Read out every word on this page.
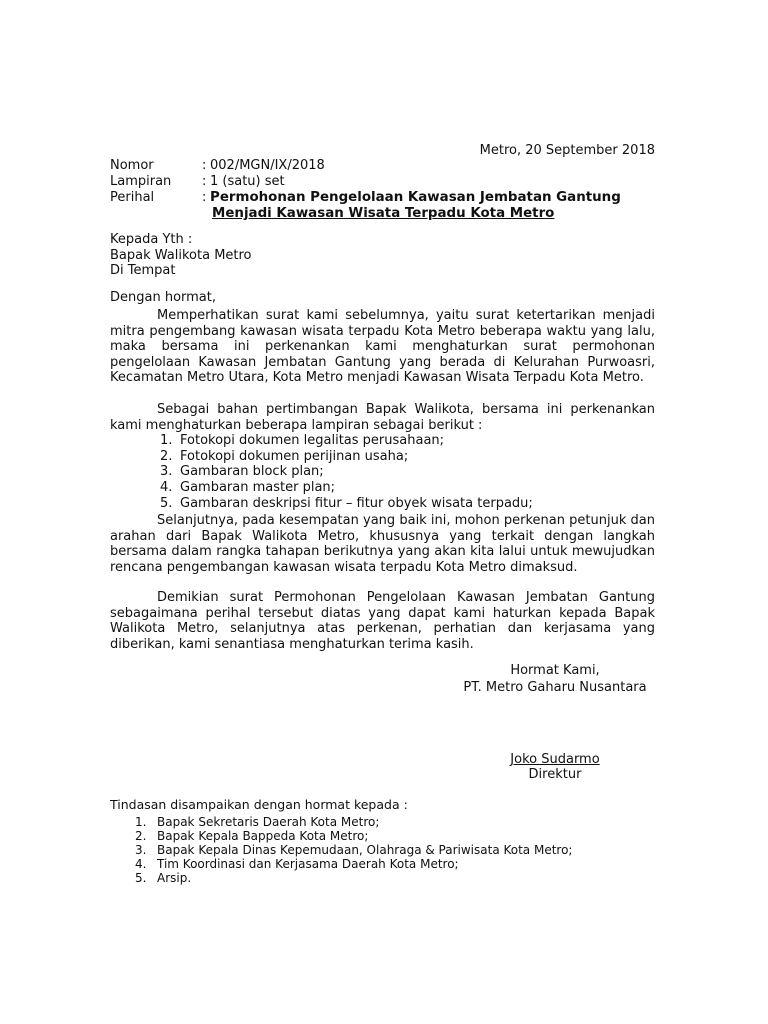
Metro, 20 September 2018
Nomor	: 002/MGN/IX/2018
Lampiran : 1 (satu) set
Perihal	: Permohonan Pengelolaan Kawasan Jembatan Gantung
Menjadi Kawasan Wisata Terpadu Kota Metro
Kepada Yth :
Bapak Walikota Metro
Di Tempat
Dengan hormat,

Memperhatikan surat kami sebelumnya, yaitu surat ketertarikan menjadi mitra pengembang kawasan wisata terpadu Kota Metro beberapa waktu yang lalu, maka bersama ini perkenankan kami menghaturkan surat permohonan pengelolaan Kawasan Jembatan Gantung yang berada di Kelurahan Purwoasri, Kecamatan Metro Utara, Kota Metro menjadi Kawasan Wisata Terpadu Kota Metro.

Sebagai bahan pertimbangan Bapak Walikota, bersama ini perkenankan kami menghaturkan beberapa lampiran sebagai berikut :

1. Fotokopi dokumen legalitas perusahaan;
2. Fotokopi dokumen perijinan usaha;
3. Gambaran block plan;
4. Gambaran master plan;
5. Gambaran deskripsi fitur – fitur obyek wisata terpadu;

Selanjutnya, pada kesempatan yang baik ini, mohon perkenan petunjuk dan arahan dari Bapak Walikota Metro, khususnya yang terkait dengan langkah bersama dalam rangka tahapan berikutnya yang akan kita lalui untuk mewujudkan rencana pengembangan kawasan wisata terpadu Kota Metro dimaksud.

Demikian surat Permohonan Pengelolaan Kawasan Jembatan Gantung sebagaimana perihal tersebut diatas yang dapat kami haturkan kepada Bapak Walikota Metro, selanjutnya atas perkenan, perhatian dan kerjasama yang diberikan, kami senantiasa menghaturkan terima kasih.

Hormat Kami,
PT. Metro Gaharu Nusantara
Joko Sudarmo
Direktur
Tindasan disampaikan dengan hormat kepada :
1. Bapak Sekretaris Daerah Kota Metro;
2. Bapak Kepala Bappeda Kota Metro;
3. Bapak Kepala Dinas Kepemudaan, Olahraga & Pariwisata Kota Metro;
4. Tim Koordinasi dan Kerjasama Daerah Kota Metro;
5. Arsip.
